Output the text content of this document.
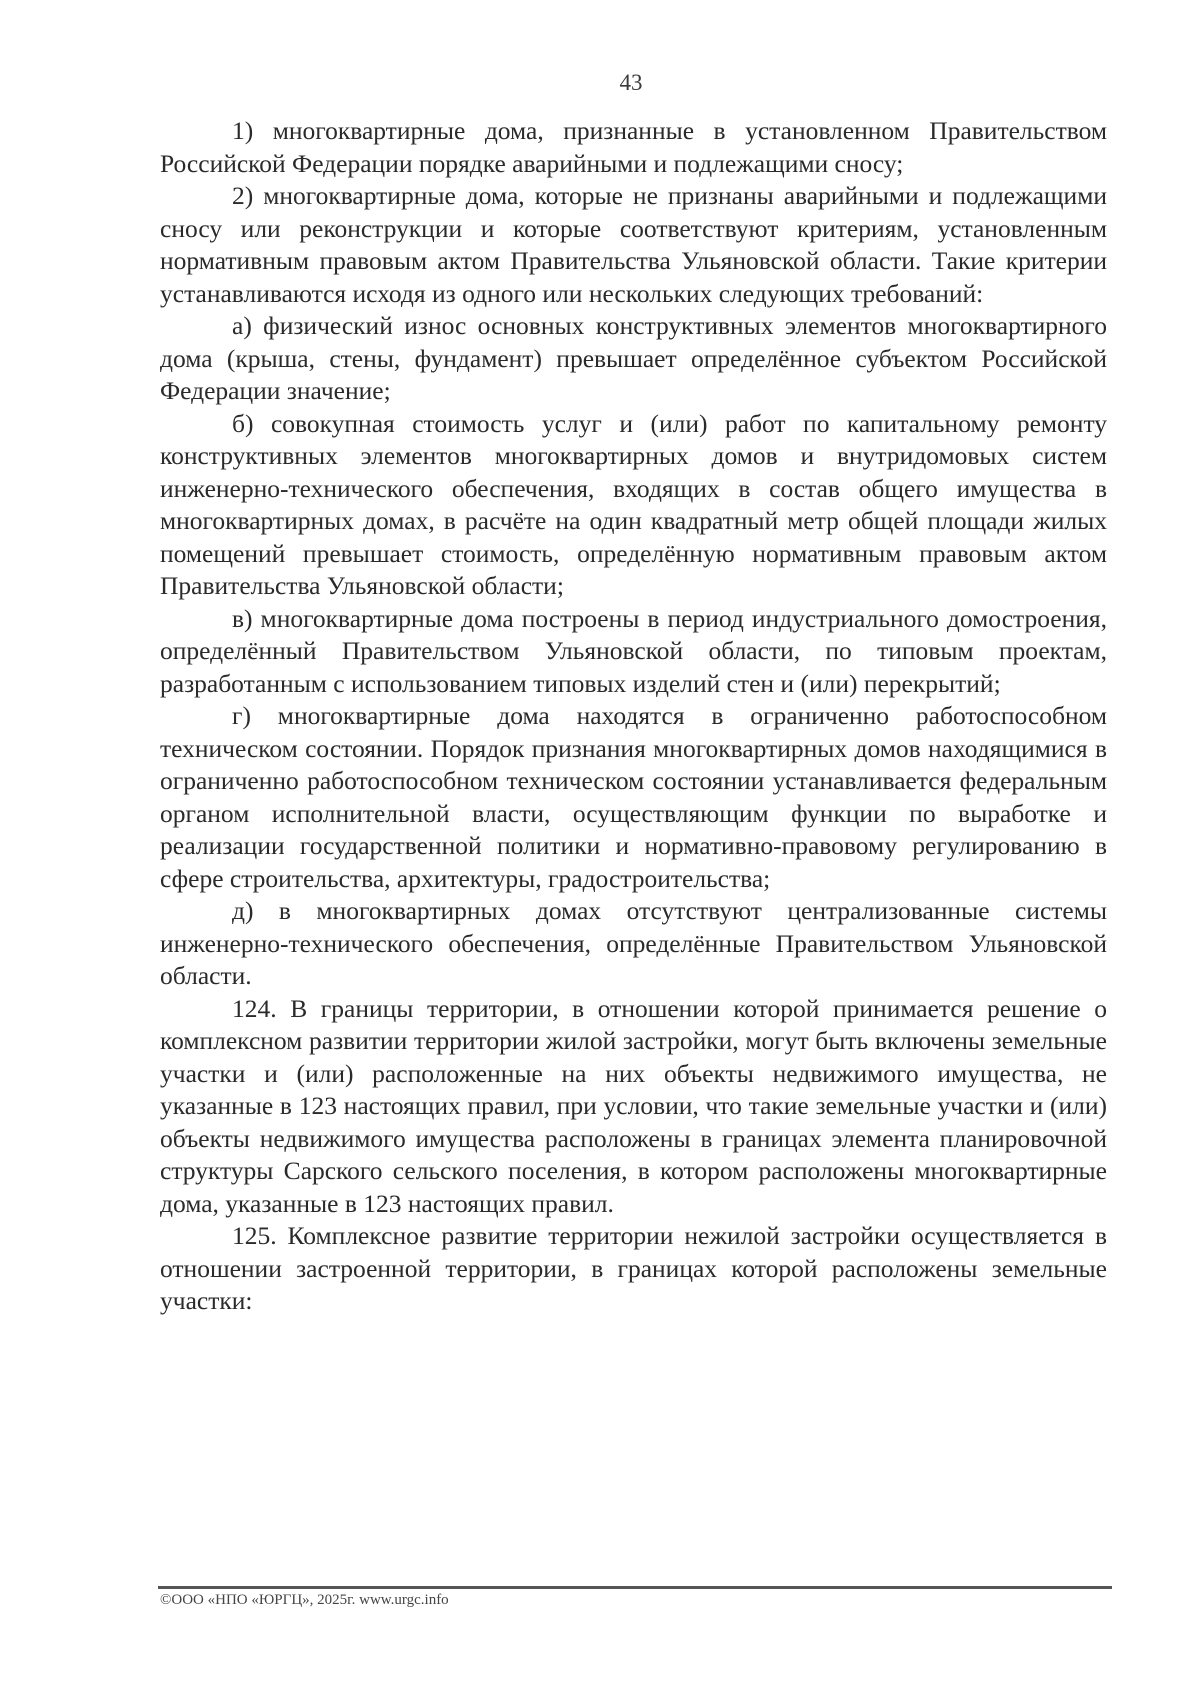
43

1) многоквартирные дома, признанные в установленном Правительством Российской Федерации порядке аварийными и подлежащими сносу;

2) многоквартирные дома, которые не признаны аварийными и подлежащими сносу или реконструкции и которые соответствуют критериям, установленным нормативным правовым актом Правительства Ульяновской области. Такие критерии устанавливаются исходя из одного или нескольких следующих требований:

а) физический износ основных конструктивных элементов многоквартирного дома (крыша, стены, фундамент) превышает определённое субъектом Российской Федерации значение;

б) совокупная стоимость услуг и (или) работ по капитальному ремонту конструктивных элементов многоквартирных домов и внутридомовых систем инженерно-технического обеспечения, входящих в состав общего имущества в многоквартирных домах, в расчёте на один квадратный метр общей площади жилых помещений превышает стоимость, определённую нормативным правовым актом Правительства Ульяновской области;

в) многоквартирные дома построены в период индустриального домостроения, определённый Правительством Ульяновской области, по типовым проектам, разработанным с использованием типовых изделий стен и (или) перекрытий;

г) многоквартирные дома находятся в ограниченно работоспособном техническом состоянии. Порядок признания многоквартирных домов находящимися в ограниченно работоспособном техническом состоянии устанавливается федеральным органом исполнительной власти, осуществляющим функции по выработке и реализации государственной политики и нормативно-правовому регулированию в сфере строительства, архитектуры, градостроительства;

д) в многоквартирных домах отсутствуют централизованные системы инженерно-технического обеспечения, определённые Правительством Ульяновской области.

124. В границы территории, в отношении которой принимается решение о комплексном развитии территории жилой застройки, могут быть включены земельные участки и (или) расположенные на них объекты недвижимого имущества, не указанные в 123 настоящих правил, при условии, что такие земельные участки и (или) объекты недвижимого имущества расположены в границах элемента планировочной структуры Сарского сельского поселения, в котором расположены многоквартирные дома, указанные в 123 настоящих правил.

125. Комплексное развитие территории нежилой застройки осуществляется в отношении застроенной территории, в границах которой расположены земельные участки:

©ООО «НПО «ЮРГЦ», 2025г. www.urgc.info
